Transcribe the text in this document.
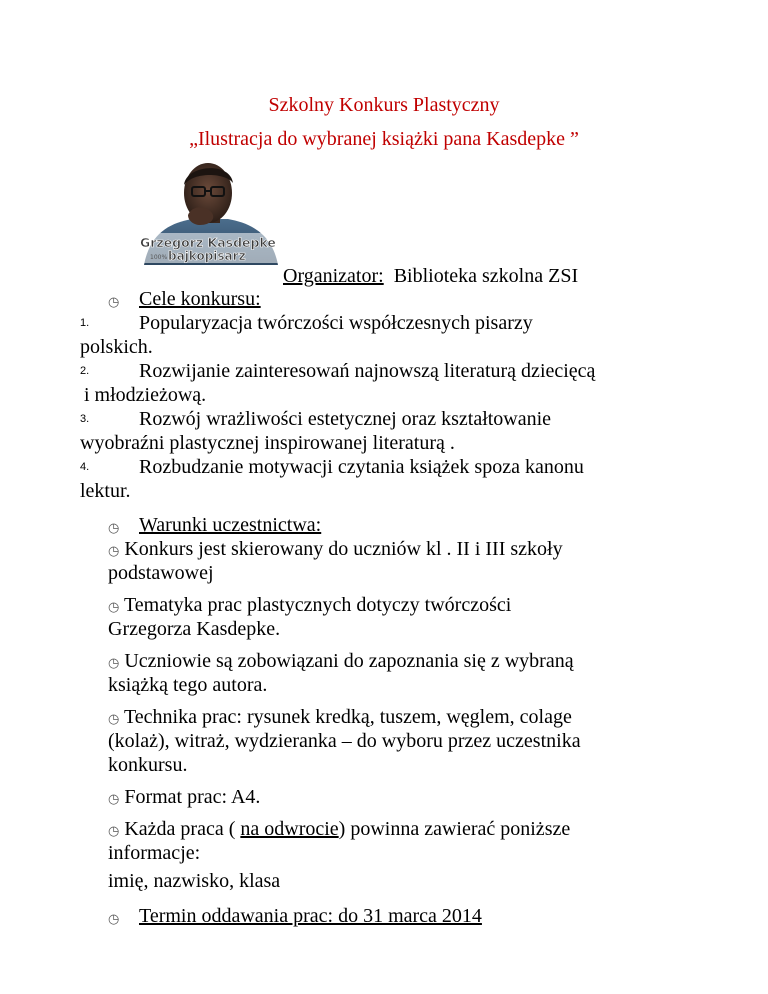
Szkolny Konkurs Plastyczny
„Ilustracja do wybranej książki pana Kasdepke ”
Grzegorz Kasdepke
bajkopisarz
100%
Organizator: Biblioteka szkolna ZSI
◷ Cele konkursu:
1. Popularyzacja twórczości współczesnych pisarzy
polskich.
2. Rozwijanie zainteresowań najnowszą literaturą dziecięcą
i młodzieżową.
3. Rozwój wrażliwości estetycznej oraz kształtowanie
wyobraźni plastycznej inspirowanej literaturą .
4. Rozbudzanie motywacji czytania książek spoza kanonu
lektur.
◷ Warunki uczestnictwa:
◷ Konkurs jest skierowany do uczniów kl . II i III szkoły
podstawowej
◷ Tematyka prac plastycznych dotyczy twórczości
Grzegorza Kasdepke.
◷ Uczniowie są zobowiązani do zapoznania się z wybraną
książką tego autora.
◷ Technika prac: rysunek kredką, tuszem, węglem, colage
(kolaż), witraż, wydzieranka – do wyboru przez uczestnika
konkursu.
◷ Format prac: A4.
◷ Każda praca ( na odwrocie) powinna zawierać poniższe
informacje:
imię, nazwisko, klasa
◷ Termin oddawania prac: do 31 marca 2014
